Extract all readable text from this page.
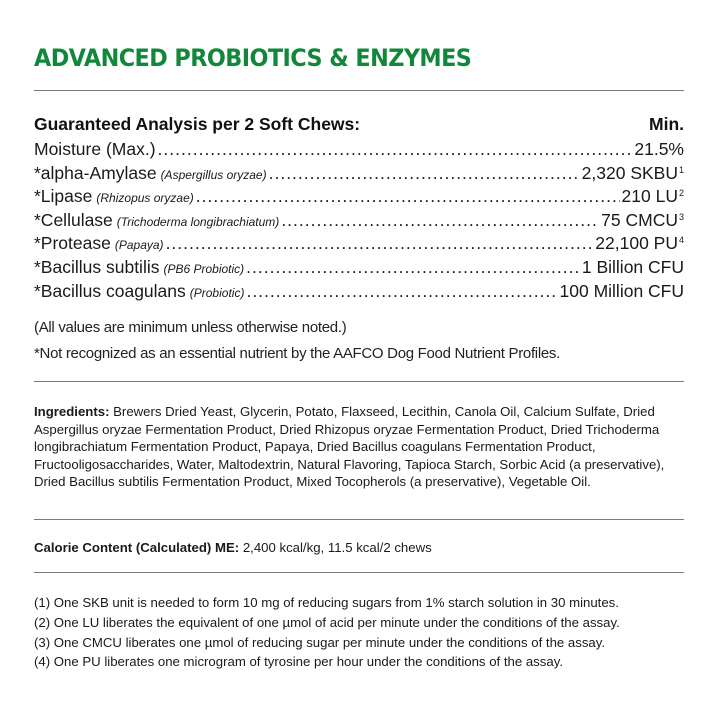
ADVANCED PROBIOTICS & ENZYMES
Guaranteed Analysis per 2 Soft Chews:	Min.
Moisture (Max.) .....	21.5%
*alpha-Amylase (Aspergillus oryzae) .....	2,320 SKBU$^1$
*Lipase (Rhizopus oryzae) .....	210 $LU^2$
*Cellulase (Trichoderma longibrachiatum) .....	75 CMCU$^3$
*Protease (Papaya) .....	22,100 $PU^4$
*Bacillus subtilis (PB6 Probiotic) .....	1 Billion CFU
*Bacillus coagulans (Probiotic) .....	100 Million CFU
(All values are minimum unless otherwise noted.)
*Not recognized as an essential nutrient by the AAFCO Dog Food Nutrient Profiles.
Ingredients: Brewers Dried Yeast, Glycerin, Potato, Flaxseed, Lecithin, Canola Oil, Calcium Sulfate, Dried Aspergillus oryzae Fermentation Product, Dried Rhizopus oryzae Fermentation Product, Dried Trichoderma longibrachiatum Fermentation Product, Papaya, Dried Bacillus coagulans Fermentation Product, Fructooligosaccharides, Water, Maltodextrin, Natural Flavoring, Tapioca Starch, Sorbic Acid (a preservative), Dried Bacillus subtilis Fermentation Product, Mixed Tocopherols (a preservative), Vegetable Oil.
Calorie Content (Calculated) ME: 2,400 kcal/kg, 11.5 kcal/2 chews
(1) One SKB unit is needed to form 10 mg of reducing sugars from 1% starch solution in 30 minutes.
(2) One LU liberates the equivalent of one µmol of acid per minute under the conditions of the assay.
(3) One CMCU liberates one µmol of reducing sugar per minute under the conditions of the assay.
(4) One PU liberates one microgram of tyrosine per hour under the conditions of the assay.
